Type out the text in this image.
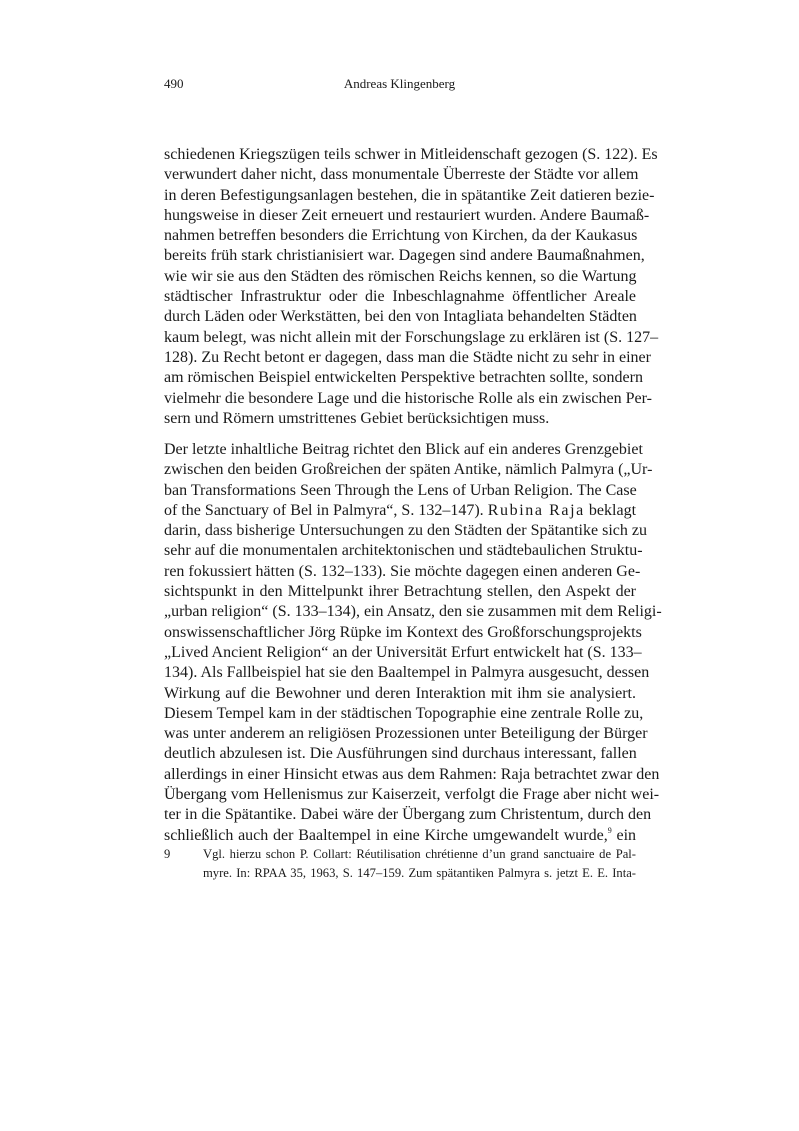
490	Andreas Klingenberg
schiedenen Kriegszügen teils schwer in Mitleidenschaft gezogen (S. 122). Es
verwundert daher nicht, dass monumentale Überreste der Städte vor allem
in deren Befestigungsanlagen bestehen, die in spätantike Zeit datieren bezie-
hungsweise in dieser Zeit erneuert und restauriert wurden. Andere Baumaß-
nahmen betreffen besonders die Errichtung von Kirchen, da der Kaukasus
bereits früh stark christianisiert war. Dagegen sind andere Baumaßnahmen,
wie wir sie aus den Städten des römischen Reichs kennen, so die Wartung
städtischer Infrastruktur oder die Inbeschlagnahme öffentlicher Areale
durch Läden oder Werkstätten, bei den von Intagliata behandelten Städten
kaum belegt, was nicht allein mit der Forschungslage zu erklären ist (S. 127–
128). Zu Recht betont er dagegen, dass man die Städte nicht zu sehr in einer
am römischen Beispiel entwickelten Perspektive betrachten sollte, sondern
vielmehr die besondere Lage und die historische Rolle als ein zwischen Per-
sern und Römern umstrittenes Gebiet berücksichtigen muss.
Der letzte inhaltliche Beitrag richtet den Blick auf ein anderes Grenzgebiet
zwischen den beiden Großreichen der späten Antike, nämlich Palmyra („Ur-
ban Transformations Seen Through the Lens of Urban Religion. The Case
of the Sanctuary of Bel in Palmyra“, S. 132–147). Rubina Raja beklagt
darin, dass bisherige Untersuchungen zu den Städten der Spätantike sich zu
sehr auf die monumentalen architektonischen und städtebaulichen Struktu-
ren fokussiert hätten (S. 132–133). Sie möchte dagegen einen anderen Ge-
sichtspunkt in den Mittelpunkt ihrer Betrachtung stellen, den Aspekt der
„urban religion“ (S. 133–134), ein Ansatz, den sie zusammen mit dem Religi-
onswissenschaftlicher Jörg Rüpke im Kontext des Großforschungsprojekts
„Lived Ancient Religion“ an der Universität Erfurt entwickelt hat (S. 133–
134). Als Fallbeispiel hat sie den Baaltempel in Palmyra ausgesucht, dessen
Wirkung auf die Bewohner und deren Interaktion mit ihm sie analysiert.
Diesem Tempel kam in der städtischen Topographie eine zentrale Rolle zu,
was unter anderem an religiösen Prozessionen unter Beteiligung der Bürger
deutlich abzulesen ist. Die Ausführungen sind durchaus interessant, fallen
allerdings in einer Hinsicht etwas aus dem Rahmen: Raja betrachtet zwar den
Übergang vom Hellenismus zur Kaiserzeit, verfolgt die Frage aber nicht wei-
ter in die Spätantike. Dabei wäre der Übergang zum Christentum, durch den
schließlich auch der Baaltempel in eine Kirche umgewandelt wurde,$^9$ ein
9	Vgl. hierzu schon P. Collart: Réutilisation chrétienne d’un grand sanctuaire de Pal-
myre. In: RPAA 35, 1963, S. 147–159. Zum spätantiken Palmyra s. jetzt E. E. Inta-
